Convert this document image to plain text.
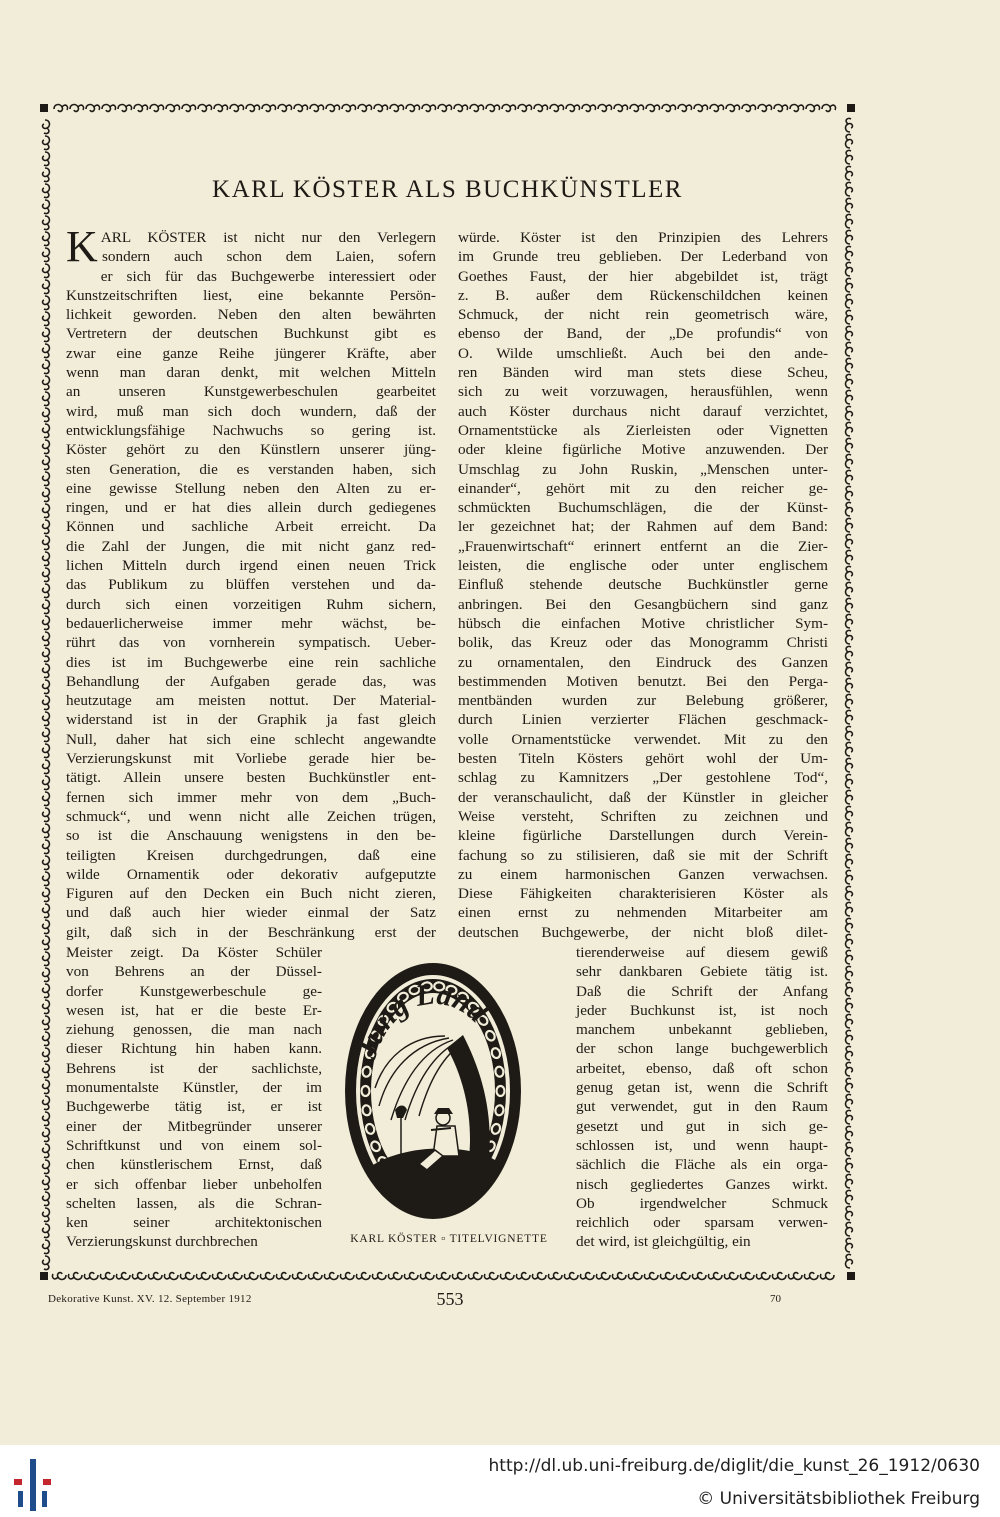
KARL KÖSTER ALS BUCHKÜNSTLER
KARL KÖSTER ist nicht nur den Verlegern
sondern auch schon dem Laien, sofern
er sich für das Buchgewerbe interessiert oder
Kunstzeitschriften liest, eine bekannte Persön-
lichkeit geworden. Neben den alten bewährten
Vertretern der deutschen Buchkunst gibt es
zwar eine ganze Reihe jüngerer Kräfte, aber
wenn man daran denkt, mit welchen Mitteln
an unseren Kunstgewerbeschulen gearbeitet
wird, muß man sich doch wundern, daß der
entwicklungsfähige Nachwuchs so gering ist.
Köster gehört zu den Künstlern unserer jüng-
sten Generation, die es verstanden haben, sich
eine gewisse Stellung neben den Alten zu er-
ringen, und er hat dies allein durch gediegenes
Können und sachliche Arbeit erreicht. Da
die Zahl der Jungen, die mit nicht ganz red-
lichen Mitteln durch irgend einen neuen Trick
das Publikum zu blüffen verstehen und da-
durch sich einen vorzeitigen Ruhm sichern,
bedauerlicherweise immer mehr wächst, be-
rührt das von vornherein sympatisch. Ueber-
dies ist im Buchgewerbe eine rein sachliche
Behandlung der Aufgaben gerade das, was
heutzutage am meisten nottut. Der Material-
widerstand ist in der Graphik ja fast gleich
Null, daher hat sich eine schlecht angewandte
Verzierungskunst mit Vorliebe gerade hier be-
tätigt. Allein unsere besten Buchkünstler ent-
fernen sich immer mehr von dem „Buch-
schmuck“, und wenn nicht alle Zeichen trügen,
so ist die Anschauung wenigstens in den be-
teiligten Kreisen durchgedrungen, daß eine
wilde Ornamentik oder dekorativ aufgeputzte
Figuren auf den Decken ein Buch nicht zieren,
und daß auch hier wieder einmal der Satz
gilt, daß sich in der Beschränkung erst der
würde. Köster ist den Prinzipien des Lehrers
im Grunde treu geblieben. Der Lederband von
Goethes Faust, der hier abgebildet ist, trägt
z. B. außer dem Rückenschildchen keinen
Schmuck, der nicht rein geometrisch wäre,
ebenso der Band, der „De profundis“ von
O. Wilde umschließt. Auch bei den ande-
ren Bänden wird man stets diese Scheu,
sich zu weit vorzuwagen, herausfühlen, wenn
auch Köster durchaus nicht darauf verzichtet,
Ornamentstücke als Zierleisten oder Vignetten
oder kleine figürliche Motive anzuwenden. Der
Umschlag zu John Ruskin, „Menschen unter-
einander“, gehört mit zu den reicher ge-
schmückten Buchumschlägen, die der Künst-
ler gezeichnet hat; der Rahmen auf dem Band:
„Frauenwirtschaft“ erinnert entfernt an die Zier-
leisten, die englische oder unter englischem
Einfluß stehende deutsche Buchkünstler gerne
anbringen. Bei den Gesangbüchern sind ganz
hübsch die einfachen Motive christlicher Sym-
bolik, das Kreuz oder das Monogramm Christi
zu ornamentalen, den Eindruck des Ganzen
bestimmenden Motiven benutzt. Bei den Perga-
mentbänden wurden zur Belebung größerer,
durch Linien verzierter Flächen geschmack-
volle Ornamentstücke verwendet. Mit zu den
besten Titeln Kösters gehört wohl der Um-
schlag zu Kamnitzers „Der gestohlene Tod“,
der veranschaulicht, daß der Künstler in gleicher
Weise versteht, Schriften zu zeichnen und
kleine figürliche Darstellungen durch Verein-
fachung so zu stilisieren, daß sie mit der Schrift
zu einem harmonischen Ganzen verwachsen.
Diese Fähigkeiten charakterisieren Köster als
einen ernst zu nehmenden Mitarbeiter am
deutschen Buchgewerbe, der nicht bloß dilet-
Meister zeigt. Da Köster Schüler
von Behrens an der Düssel-
dorfer Kunstgewerbeschule ge-
wesen ist, hat er die beste Er-
ziehung genossen, die man nach
dieser Richtung hin haben kann.
Behrens ist der sachlichste,
monumentalste Künstler, der im
Buchgewerbe tätig ist, er ist
einer der Mitbegründer unserer
Schriftkunst und von einem sol-
chen künstlerischem Ernst, daß
er sich offenbar lieber unbeholfen
schelten lassen, als die Schran-
ken seiner architektonischen
Verzierungskunst durchbrechen
tierenderweise auf diesem gewiß
sehr dankbaren Gebiete tätig ist.
Daß die Schrift der Anfang
jeder Buchkunst ist, ist noch
manchem unbekannt geblieben,
der schon lange buchgewerblich
arbeitet, ebenso, daß oft schon
genug getan ist, wenn die Schrift
gut verwendet, gut in den Raum
gesetzt und gut in sich ge-
schlossen ist, und wenn haupt-
sächlich die Fläche als ein orga-
nisch gegliedertes Ganzes wirkt.
Ob irgendwelcher Schmuck
reichlich oder sparsam verwen-
det wird, ist gleichgültig, ein
Jung Land
KARL KÖSTER ▫ TITELVIGNETTE
Dekorative Kunst. XV. 12. September 1912	553	70
http://dl.ub.uni-freiburg.de/diglit/die_kunst_26_1912/0630
© Universitätsbibliothek Freiburg
